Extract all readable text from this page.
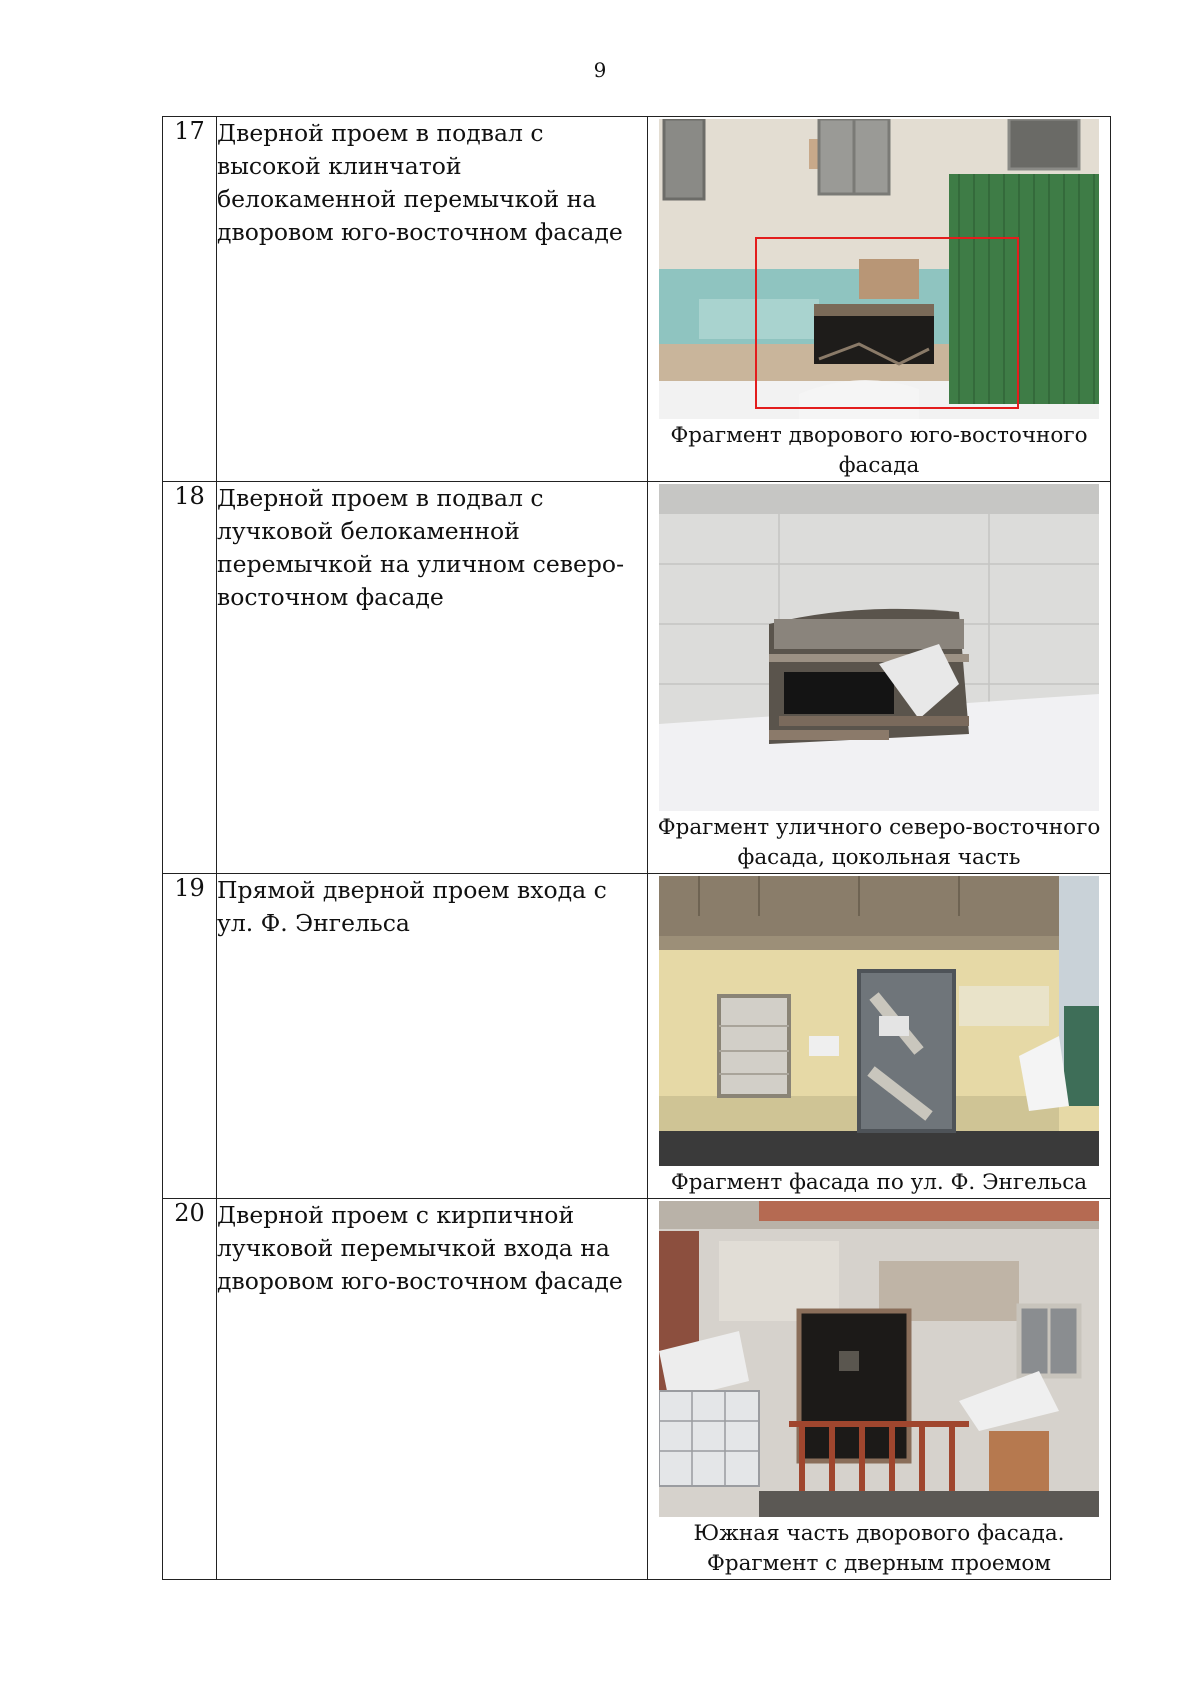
9
17	Дверной проем в подвал с высокой клинчатой белокаменной перемычкой на дворовом юго-восточном фасаде	Фрагмент дворового юго-восточного фасада

18	Дверной проем в подвал с лучковой белокаменной перемычкой на уличном северо-восточном фасаде	Фрагмент уличного северо-восточного фасада, цокольная часть

19	Прямой дверной проем входа с ул. Ф. Энгельса	Фрагмент фасада по ул. Ф. Энгельса

20	Дверной проем с кирпичной лучковой перемычкой входа на дворовом юго-восточном фасаде	Южная часть дворового фасада. Фрагмент с дверным проемом
